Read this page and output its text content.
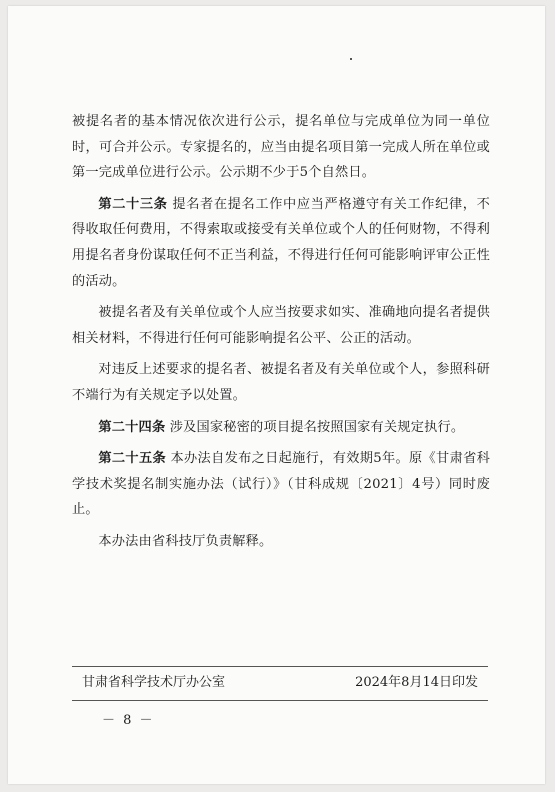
被提名者的基本情况依次进行公示，提名单位与完成单位为同一单位时，可合并公示。专家提名的，应当由提名项目第一完成人所在单位或第一完成单位进行公示。公示期不少于5个自然日。

第二十三条 提名者在提名工作中应当严格遵守有关工作纪律，不得收取任何费用，不得索取或接受有关单位或个人的任何财物，不得利用提名者身份谋取任何不正当利益，不得进行任何可能影响评审公正性的活动。

被提名者及有关单位或个人应当按要求如实、准确地向提名者提供相关材料，不得进行任何可能影响提名公平、公正的活动。

对违反上述要求的提名者、被提名者及有关单位或个人，参照科研不端行为有关规定予以处置。

第二十四条 涉及国家秘密的项目提名按照国家有关规定执行。

第二十五条 本办法自发布之日起施行，有效期5年。原《甘肃省科学技术奖提名制实施办法（试行）》（甘科成规〔2021〕4号）同时废止。

本办法由省科技厅负责解释。

甘肃省科学技术厅办公室	2024年8月14日印发
－ 8 －
